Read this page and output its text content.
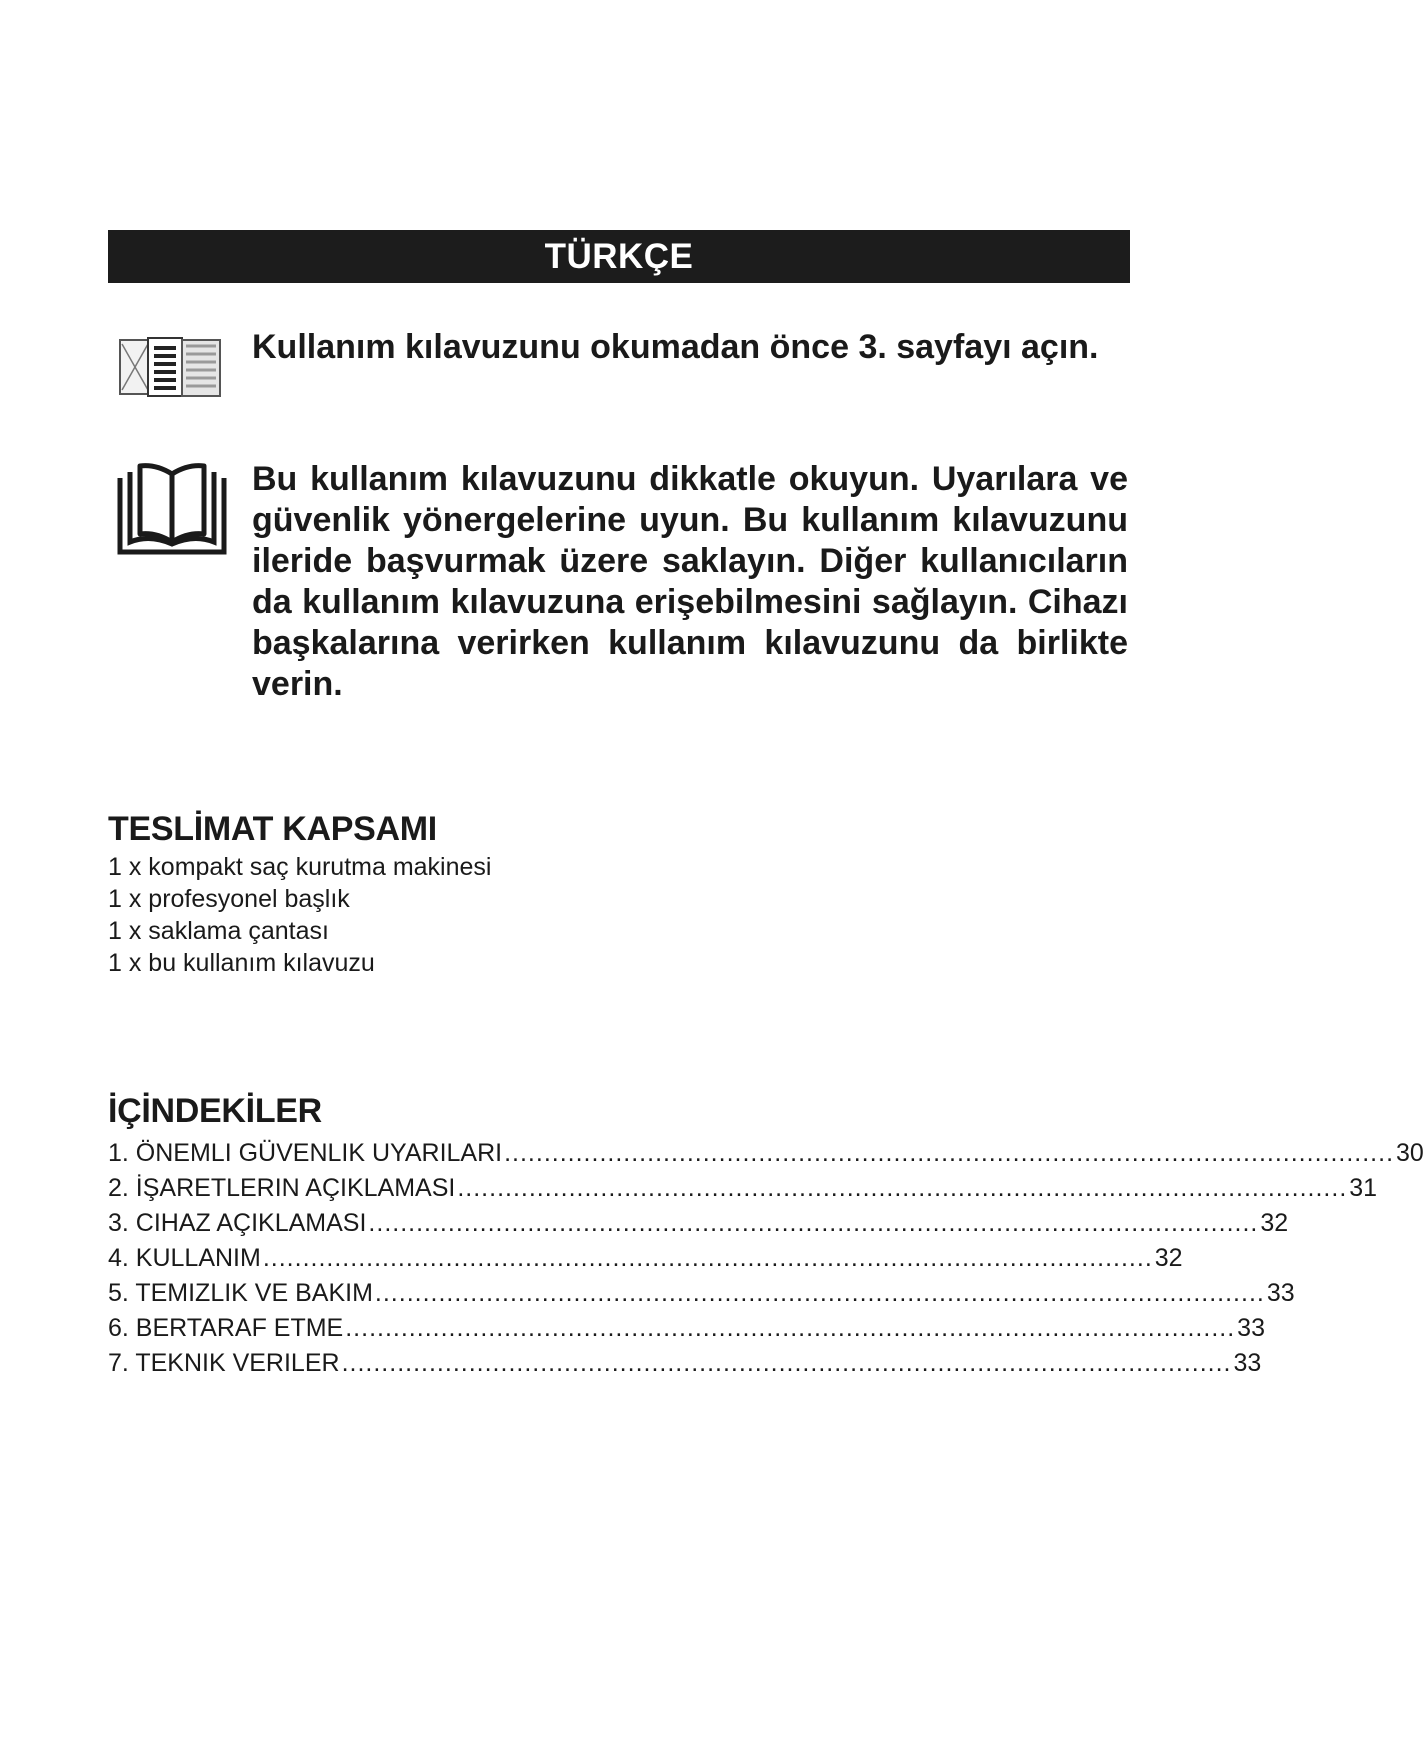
TÜRKÇE

Kullanım kılavuzunu okumadan önce 3. sayfayı açın.

Bu kullanım kılavuzunu dikkatle okuyun. Uyarılara ve güvenlik yönergelerine uyun. Bu kullanım kılavuzunu ileride başvurmak üzere saklayın. Diğer kullanıcıların da kullanım kılavuzuna erişebilmesini sağlayın. Cihazı başkalarına verirken kullanım kılavuzunu da birlikte verin.

TESLİMAT KAPSAMI
1 x kompakt saç kurutma makinesi
1 x profesyonel başlık
1 x saklama çantası
1 x bu kullanım kılavuzu
İÇİNDEKİLER
1. ÖNEMLI GÜVENLIK UYARILARI ................................................................................................................ 30
2. İŞARETLERIN AÇIKLAMASI ................................................................................................................ 31
3. CIHAZ AÇIKLAMASI ................................................................................................................ 32
4. KULLANIM ................................................................................................................ 32
5. TEMIZLIK VE BAKIM ................................................................................................................ 33
6. BERTARAF ETME ................................................................................................................ 33
7. TEKNIK VERILER ................................................................................................................ 33
